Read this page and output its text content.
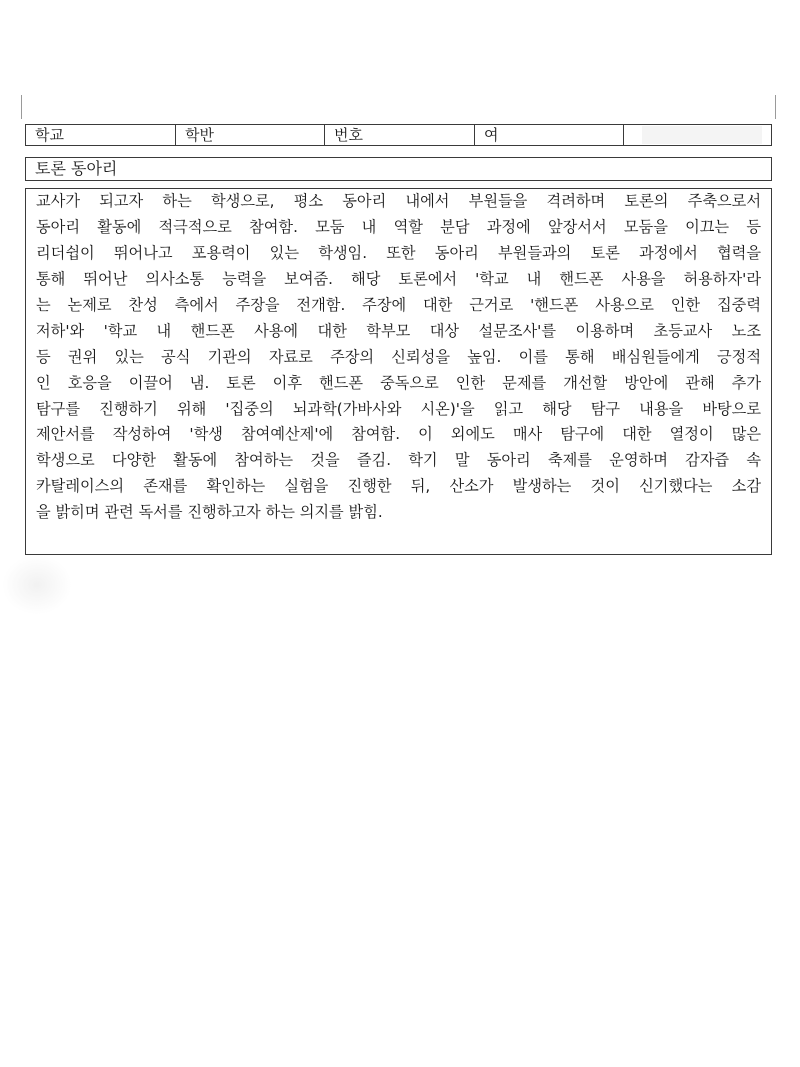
학교	학반	번호	여
토론 동아리
교사가 되고자 하는 학생으로, 평소 동아리 내에서 부원들을 격려하며 토론의 주축으로서
동아리 활동에 적극적으로 참여함. 모둠 내 역할 분담 과정에 앞장서서 모둠을 이끄는 등
리더쉽이 뛰어나고 포용력이 있는 학생임. 또한 동아리 부원들과의 토론 과정에서 협력을
통해 뛰어난 의사소통 능력을 보여줌. 해당 토론에서 '학교 내 핸드폰 사용을 허용하자'라
는 논제로 찬성 측에서 주장을 전개함. 주장에 대한 근거로 '핸드폰 사용으로 인한 집중력
저하'와 '학교 내 핸드폰 사용에 대한 학부모 대상 설문조사'를 이용하며 초등교사 노조
등 권위 있는 공식 기관의 자료로 주장의 신뢰성을 높임. 이를 통해 배심원들에게 긍정적
인 호응을 이끌어 냄. 토론 이후 핸드폰 중독으로 인한 문제를 개선할 방안에 관해 추가
탐구를 진행하기 위해 '집중의 뇌과학(가바사와 시온)'을 읽고 해당 탐구 내용을 바탕으로
제안서를 작성하여 '학생 참여예산제'에 참여함. 이 외에도 매사 탐구에 대한 열정이 많은
학생으로 다양한 활동에 참여하는 것을 즐김. 학기 말 동아리 축제를 운영하며 감자즙 속
카탈레이스의 존재를 확인하는 실험을 진행한 뒤, 산소가 발생하는 것이 신기했다는 소감
을 밝히며 관련 독서를 진행하고자 하는 의지를 밝힘.
